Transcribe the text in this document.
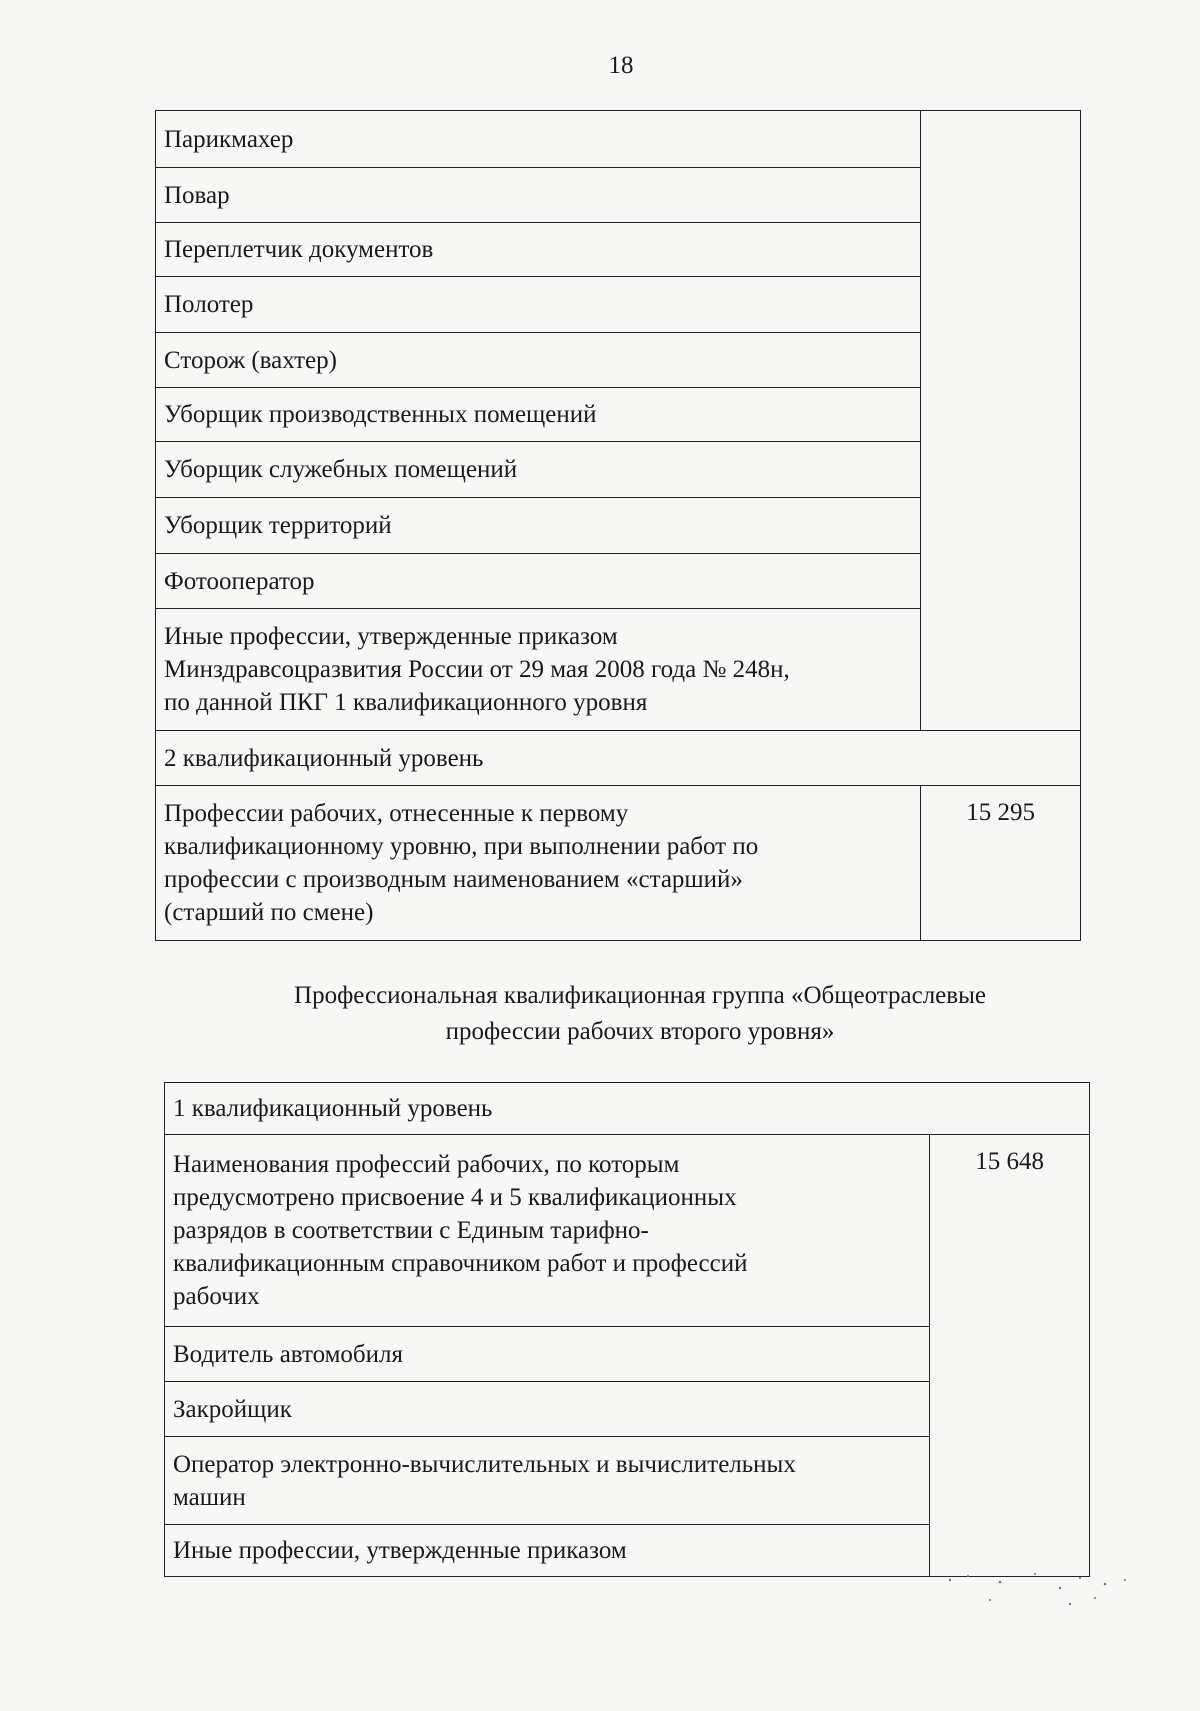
18
Парикмахер	
Повар	
Переплетчик документов	
Полотер	
Сторож (вахтер)	
Уборщик производственных помещений	
Уборщик служебных помещений	
Уборщик территорий	
Фотооператор	

Иные профессии, утвержденные приказом
Минздравсоцразвития России от 29 мая 2008 года № 248н,
по данной ПКГ 1 квалификационного уровня	

2 квалификационный уровень	

Профессии рабочих, отнесенные к первому
квалификационному уровню, при выполнении работ по
профессии с производным наименованием «старший»
(старший по смене)	15 295
Профессиональная квалификационная группа «Общеотраслевые
профессии рабочих второго уровня»
1 квалификационный уровень

Наименования профессий рабочих, по которым
предусмотрено присвоение 4 и 5 квалификационных
разрядов в соответствии с Единым тарифно-
квалификационным справочником работ и профессий
рабочих
	15 648
Водитель автомобиля
Закройщик

Оператор электронно-вычислительных и вычислительных
машин

Иные профессии, утвержденные приказом
